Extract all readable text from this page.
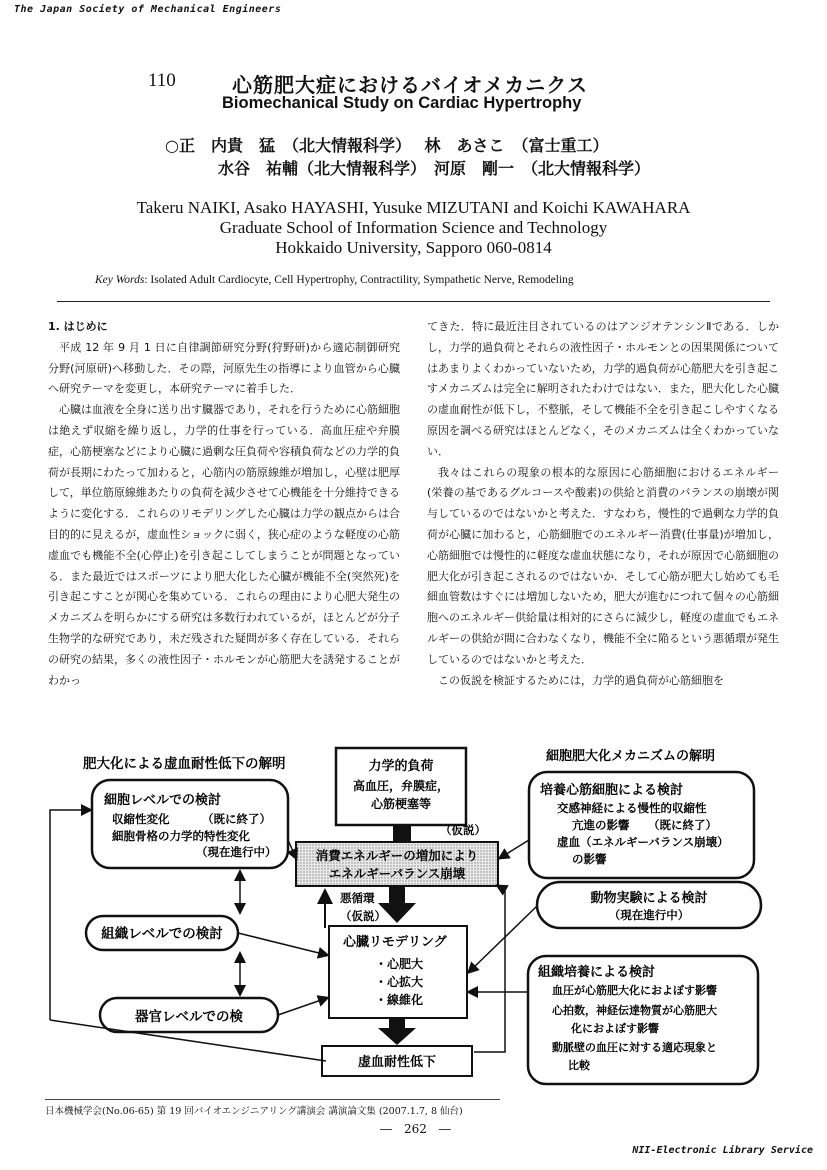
The Japan Society of Mechanical Engineers
110	心筋肥大症におけるバイオメカニクス
Biomechanical Study on Cardiac Hypertrophy
○正　内貴　猛　（北大情報科学）　 林　あさこ　（富士重工）
水谷　祐輔（北大情報科学）　河原　剛一　（北大情報科学）
Takeru NAIKI, Asako HAYASHI, Yusuke MIZUTANI and Koichi KAWAHARA
Graduate School of Information Science and Technology
Hokkaido University, Sapporo 060-0814
Key Words: Isolated Adult Cardiocyte, Cell Hypertrophy, Contractility, Sympathetic Nerve, Remodeling

1. はじめに

平成 12 年 9 月 1 日に自律調節研究分野(狩野研)から適応制御研究分野(河原研)へ移動した．その際，河原先生の指導により血管から心臓へ研究テーマを変更し，本研究テーマに着手した．

心臓は血液を全身に送り出す臓器であり，それを行うために心筋細胞は絶えず収縮を繰り返し，力学的仕事を行っている．高血圧症や弁膜症，心筋梗塞などにより心臓に過剰な圧負荷や容積負荷などの力学的負荷が長期にわたって加わると，心筋内の筋原線維が増加し，心壁は肥厚して，単位筋原線維あたりの負荷を減少させて心機能を十分維持できるように変化する．これらのリモデリングした心臓は力学の観点からは合目的的に見えるが，虚血性ショックに弱く，狭心症のような軽度の心筋虚血でも機能不全(心停止)を引き起こしてしまうことが問題となっている．また最近ではスポーツにより肥大化した心臓が機能不全(突然死)を引き起こすことが関心を集めている．これらの理由により心肥大発生のメカニズムを明らかにする研究は多数行われているが，ほとんどが分子生物学的な研究であり，未だ残された疑問が多く存在している．それらの研究の結果，多くの液性因子・ホルモンが心筋肥大を誘発することがわかっ

てきた．特に最近注目されているのはアンジオテンシンⅡである．しかし，力学的過負荷とそれらの液性因子・ホルモンとの因果関係についてはあまりよくわかっていないため，力学的過負荷が心筋肥大を引き起こすメカニズムは完全に解明されたわけではない．また，肥大化した心臓の虚血耐性が低下し，不整脈，そして機能不全を引き起こしやすくなる原因を調べる研究はほとんどなく，そのメカニズムは全くわかっていない．

我々はこれらの現象の根本的な原因に心筋細胞におけるエネルギー(栄養の基であるグルコースや酸素)の供給と消費のバランスの崩壊が関与しているのではないかと考えた．すなわち，慢性的で過剰な力学的負荷が心臓に加わると，心筋細胞でのエネルギー消費(仕事量)が増加し，心筋細胞では慢性的に軽度な虚血状態になり，それが原因で心筋細胞の肥大化が引き起こされるのではないか．そして心筋が肥大し始めても毛細血管数はすぐには増加しないため，肥大が進むにつれて個々の心筋細胞へのエネルギー供給量は相対的にさらに減少し，軽度の虚血でもエネルギーの供給が間に合わなくなり，機能不全に陥るという悪循環が発生しているのではないかと考えた．

この仮説を検証するためには，力学的過負荷が心筋細胞を

肥大化による虚血耐性低下の解明	細胞肥大化メカニズムの解明
力学的負荷
高血圧，弁膜症，
心筋梗塞等
細胞レベルでの検討
収縮性変化	（既に終了）
細胞骨格の力学的特性変化
（現在進行中）
培養心筋細胞による検討
交感神経による慢性的収縮性
亢進の影響 （既に終了）
虚血（エネルギーバランス崩壊）
の影響
（仮説）
消費エネルギーの増加により
エネルギーバランス崩壊
悪循環
（仮説）
動物実験による検討
（現在進行中）
組織レベルでの検討
心臓リモデリング
・心肥大
・心拡大
・線維化
組織培養による検討
血圧が心筋肥大化におよぼす影響
心拍数，神経伝達物質が心筋肥大
化におよぼす影響
動脈壁の血圧に対する適応現象と
比較
器官レベルでの検
虚血耐性低下
日本機械学会(No.06-65) 第 19 回バイオエンジニアリング講演会 講演論文集 (2007.1.7, 8 仙台)
―　262　―
NII-Electronic Library Service
